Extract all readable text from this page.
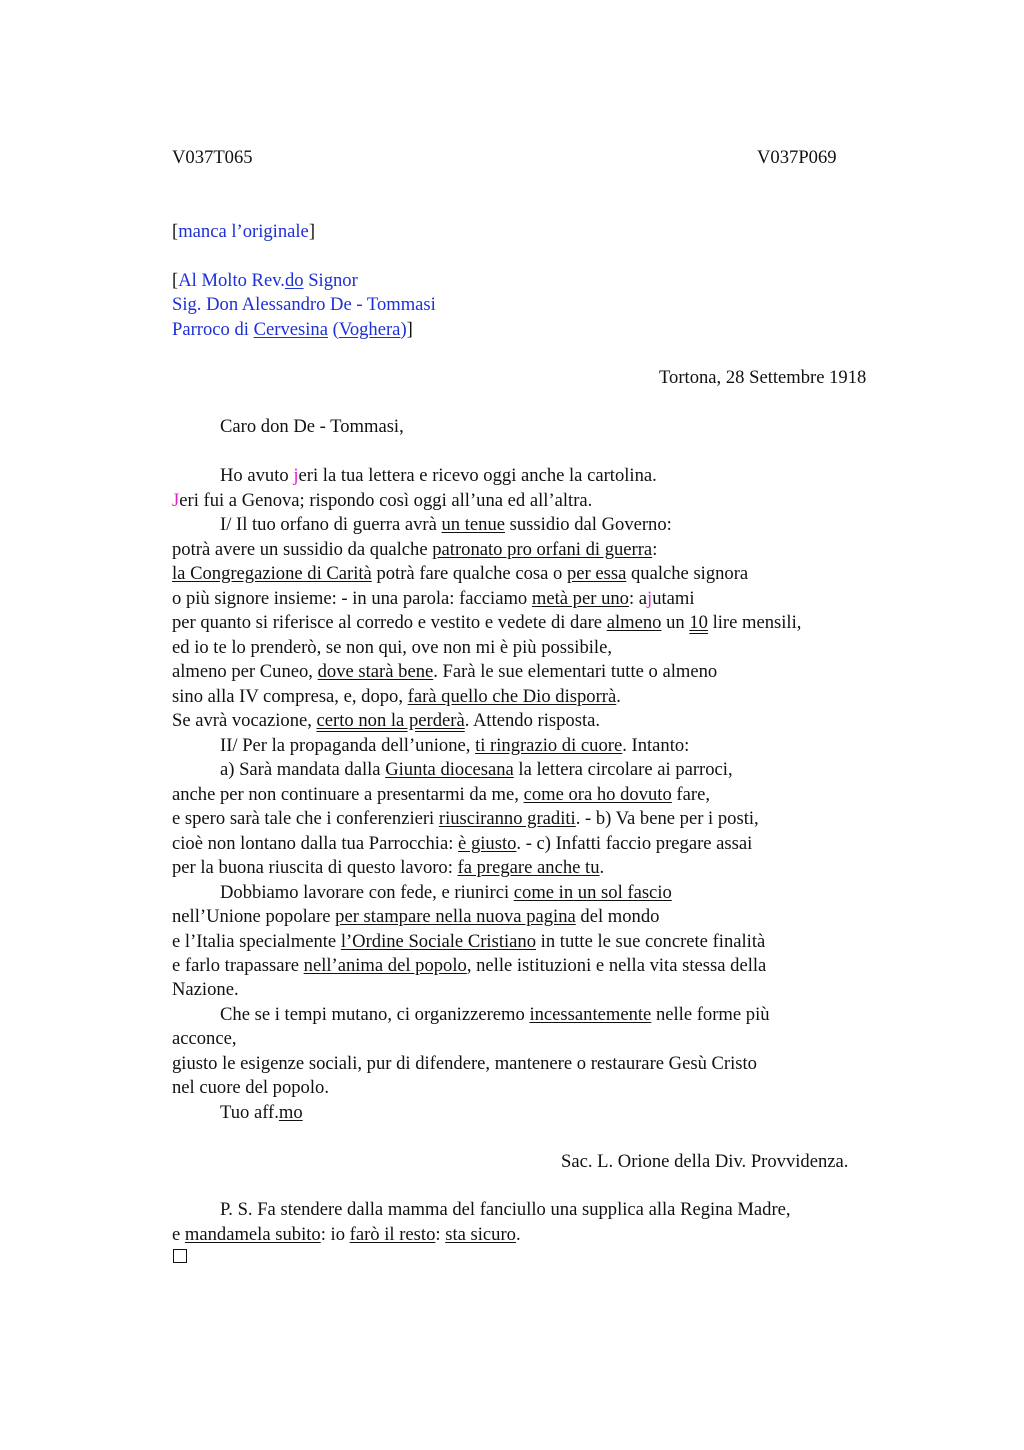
V037T065	V037P069
[manca l’originale]
[Al Molto Rev.do Signor
Sig. Don Alessandro De - Tommasi
Parroco di Cervesina (Voghera)]
Tortona, 28 Settembre 1918
Caro don De - Tommasi,
Ho avuto jeri la tua lettera e ricevo oggi anche la cartolina.
Jeri fui a Genova; rispondo così oggi all’una ed all’altra.
I/ Il tuo orfano di guerra avrà un tenue sussidio dal Governo:
potrà avere un sussidio da qualche patronato pro orfani di guerra:
la Congregazione di Carità potrà fare qualche cosa o per essa qualche signora
o più signore insieme: - in una parola: facciamo metà per uno: ajutami
per quanto si riferisce al corredo e vestito e vedete di dare almeno un 10 lire mensili,
ed io te lo prenderò, se non qui, ove non mi è più possibile,
almeno per Cuneo, dove starà bene. Farà le sue elementari tutte o almeno
sino alla IV compresa, e, dopo, farà quello che Dio disporrà.
Se avrà vocazione, certo non la perderà. Attendo risposta.
II/ Per la propaganda dell’unione, ti ringrazio di cuore. Intanto:
a) Sarà mandata dalla Giunta diocesana la lettera circolare ai parroci,
anche per non continuare a presentarmi da me, come ora ho dovuto fare,
e spero sarà tale che i conferenzieri riusciranno graditi. - b) Va bene per i posti,
cioè non lontano dalla tua Parrocchia: è giusto. - c) Infatti faccio pregare assai
per la buona riuscita di questo lavoro: fa pregare anche tu.
Dobbiamo lavorare con fede, e riunirci come in un sol fascio
nell’Unione popolare per stampare nella nuova pagina del mondo
e l’Italia specialmente l’Ordine Sociale Cristiano in tutte le sue concrete finalità
e farlo trapassare nell’anima del popolo, nelle istituzioni e nella vita stessa della
Nazione.
Che se i tempi mutano, ci organizzeremo incessantemente nelle forme più
acconce,
giusto le esigenze sociali, pur di difendere, mantenere o restaurare Gesù Cristo
nel cuore del popolo.
Tuo aff.mo
Sac. L. Orione della Div. Provvidenza.
P. S. Fa stendere dalla mamma del fanciullo una supplica alla Regina Madre,
e mandamela subito: io farò il resto: sta sicuro.
